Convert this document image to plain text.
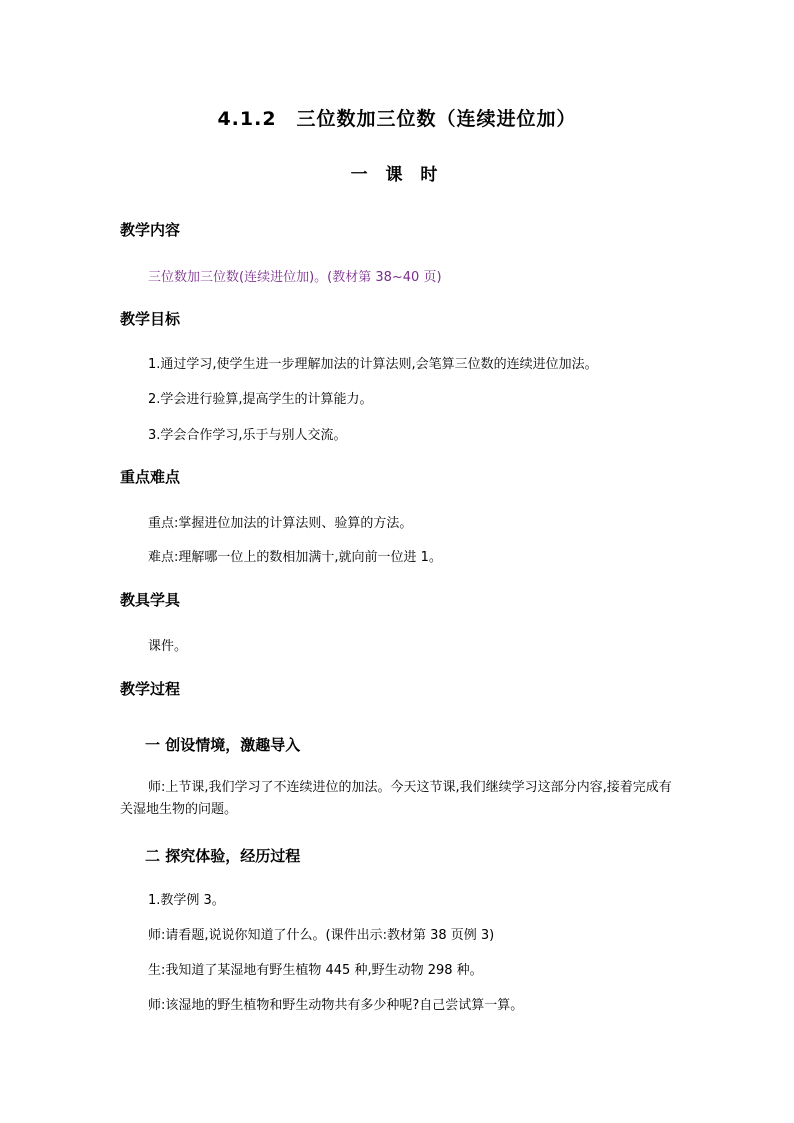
4.1.2　三位数加三位数（连续进位加）
一 课 时
教学内容
三位数加三位数(连续进位加)。(教材第 38~40 页)
教学目标
1.通过学习,使学生进一步理解加法的计算法则,会笔算三位数的连续进位加法。
2.学会进行验算,提高学生的计算能力。
3.学会合作学习,乐于与别人交流。
重点难点
重点:掌握进位加法的计算法则、验算的方法。
难点:理解哪一位上的数相加满十,就向前一位进 1。
教具学具
课件。
教学过程
一 创设情境，激趣导入
师:上节课,我们学习了不连续进位的加法。今天这节课,我们继续学习这部分内容,接着完成有关湿地生物的问题。
二 探究体验，经历过程
1.教学例 3。
师:请看题,说说你知道了什么。(课件出示:教材第 38 页例 3)
生:我知道了某湿地有野生植物 445 种,野生动物 298 种。
师:该湿地的野生植物和野生动物共有多少种呢?自己尝试算一算。
